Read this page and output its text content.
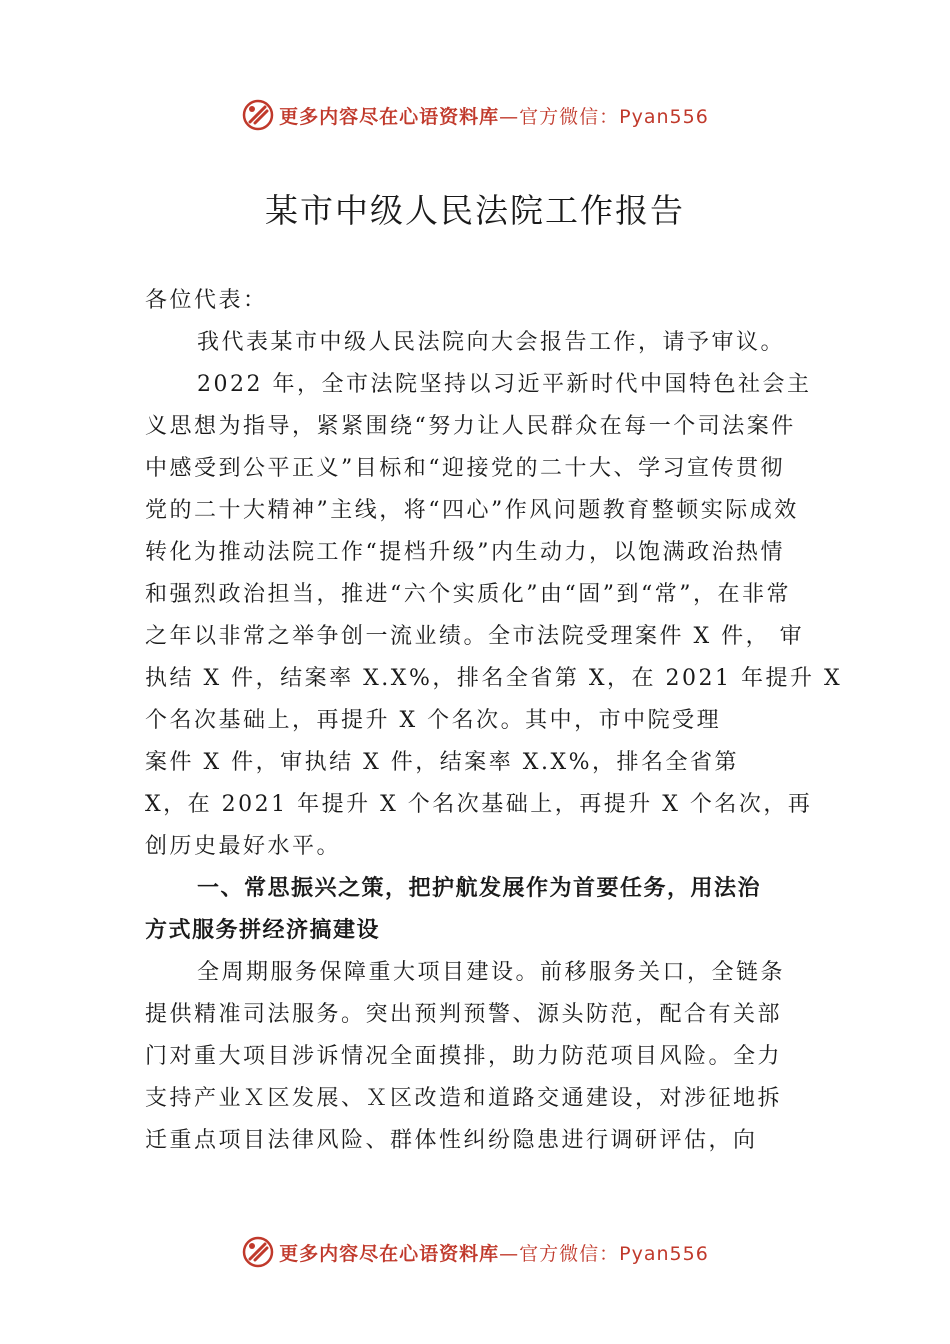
更多内容尽在心语资料库 —官方微信：Pyan556
某市中级人民法院工作报告
各位代表：
我代表某市中级人民法院向大会报告工作，请予审议。
2022 年，全市法院坚持以习近平新时代中国特色社会主
义思想为指导，紧紧围绕“努力让人民群众在每一个司法案件
中感受到公平正义”目标和“迎接党的二十大、学习宣传贯彻
党的二十大精神”主线，将“四心”作风问题教育整顿实际成效
转化为推动法院工作“提档升级”内生动力，以饱满政治热情
和强烈政治担当，推进“六个实质化”由“固”到“常”，在非常
之年以非常之举争创一流业绩。全市法院受理案件 X 件， 审
执结 X 件，结案率 X.X%，排名全省第 X，在 2021 年提升 X
个名次基础上，再提升 X 个名次。其中，市中院受理
案件 X 件，审执结 X 件，结案率 X.X%，排名全省第
X，在 2021 年提升 X 个名次基础上，再提升 X 个名次，再
创历史最好水平。
一、常思振兴之策，把护航发展作为首要任务，用法治
方式服务拼经济搞建设
全周期服务保障重大项目建设。前移服务关口，全链条
提供精准司法服务。突出预判预警、源头防范，配合有关部
门对重大项目涉诉情况全面摸排，助力防范项目风险。全力
支持产业Ｘ区发展、Ｘ区改造和道路交通建设，对涉征地拆
迁重点项目法律风险、群体性纠纷隐患进行调研评估，向
更多内容尽在心语资料库 —官方微信：Pyan556
